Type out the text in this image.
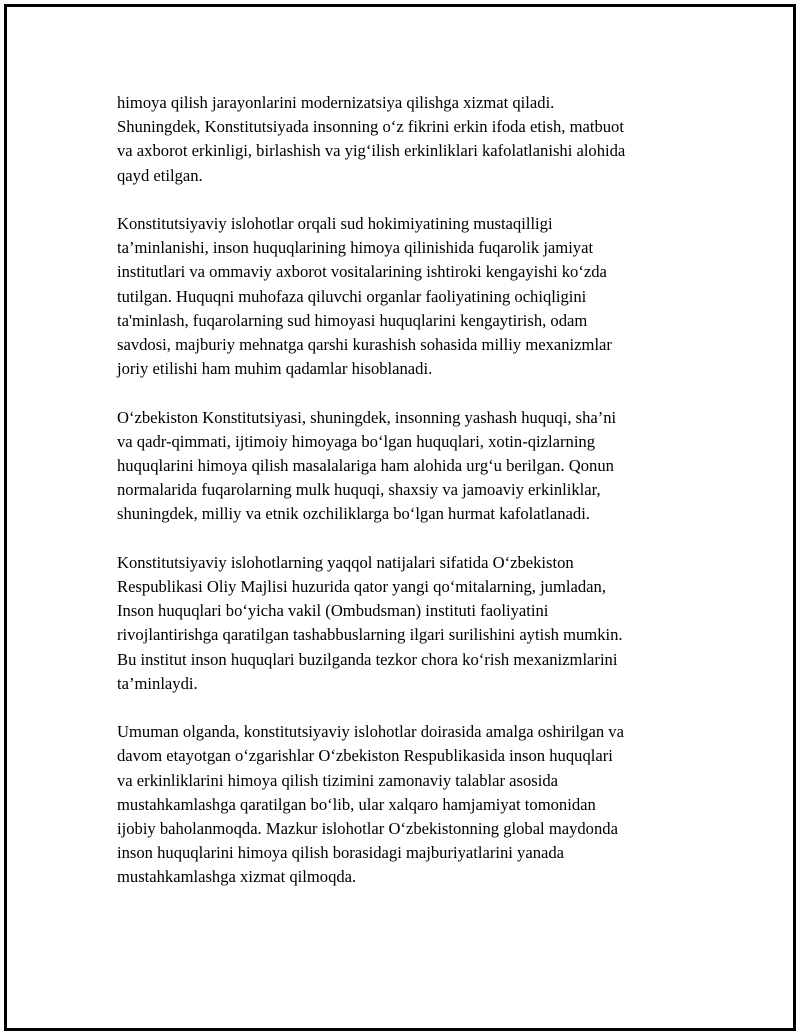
himoya qilish jarayonlarini modernizatsiya qilishga xizmat qiladi.
Shuningdek, Konstitutsiyada insonning o‘z fikrini erkin ifoda etish, matbuot
va axborot erkinligi, birlashish va yig‘ilish erkinliklari kafolatlanishi alohida
qayd etilgan.

Konstitutsiyaviy islohotlar orqali sud hokimiyatining mustaqilligi
ta’minlanishi, inson huquqlarining himoya qilinishida fuqarolik jamiyat
institutlari va ommaviy axborot vositalarining ishtiroki kengayishi ko‘zda
tutilgan. Huquqni muhofaza qiluvchi organlar faoliyatining ochiqligini
ta'minlash, fuqarolarning sud himoyasi huquqlarini kengaytirish, odam
savdosi, majburiy mehnatga qarshi kurashish sohasida milliy mexanizmlar
joriy etilishi ham muhim qadamlar hisoblanadi.

O‘zbekiston Konstitutsiyasi, shuningdek, insonning yashash huquqi, sha’ni
va qadr-qimmati, ijtimoiy himoyaga bo‘lgan huquqlari, xotin-qizlarning
huquqlarini himoya qilish masalalariga ham alohida urg‘u berilgan. Qonun
normalarida fuqarolarning mulk huquqi, shaxsiy va jamoaviy erkinliklar,
shuningdek, milliy va etnik ozchiliklarga bo‘lgan hurmat kafolatlanadi.

Konstitutsiyaviy islohotlarning yaqqol natijalari sifatida O‘zbekiston
Respublikasi Oliy Majlisi huzurida qator yangi qo‘mitalarning, jumladan,
Inson huquqlari bo‘yicha vakil (Ombudsman) instituti faoliyatini
rivojlantirishga qaratilgan tashabbuslarning ilgari surilishini aytish mumkin.
Bu institut inson huquqlari buzilganda tezkor chora ko‘rish mexanizmlarini
ta’minlaydi.

Umuman olganda, konstitutsiyaviy islohotlar doirasida amalga oshirilgan va
davom etayotgan o‘zgarishlar O‘zbekiston Respublikasida inson huquqlari
va erkinliklarini himoya qilish tizimini zamonaviy talablar asosida
mustahkamlashga qaratilgan bo‘lib, ular xalqaro hamjamiyat tomonidan
ijobiy baholanmoqda. Mazkur islohotlar O‘zbekistonning global maydonda
inson huquqlarini himoya qilish borasidagi majburiyatlarini yanada
mustahkamlashga xizmat qilmoqda.
